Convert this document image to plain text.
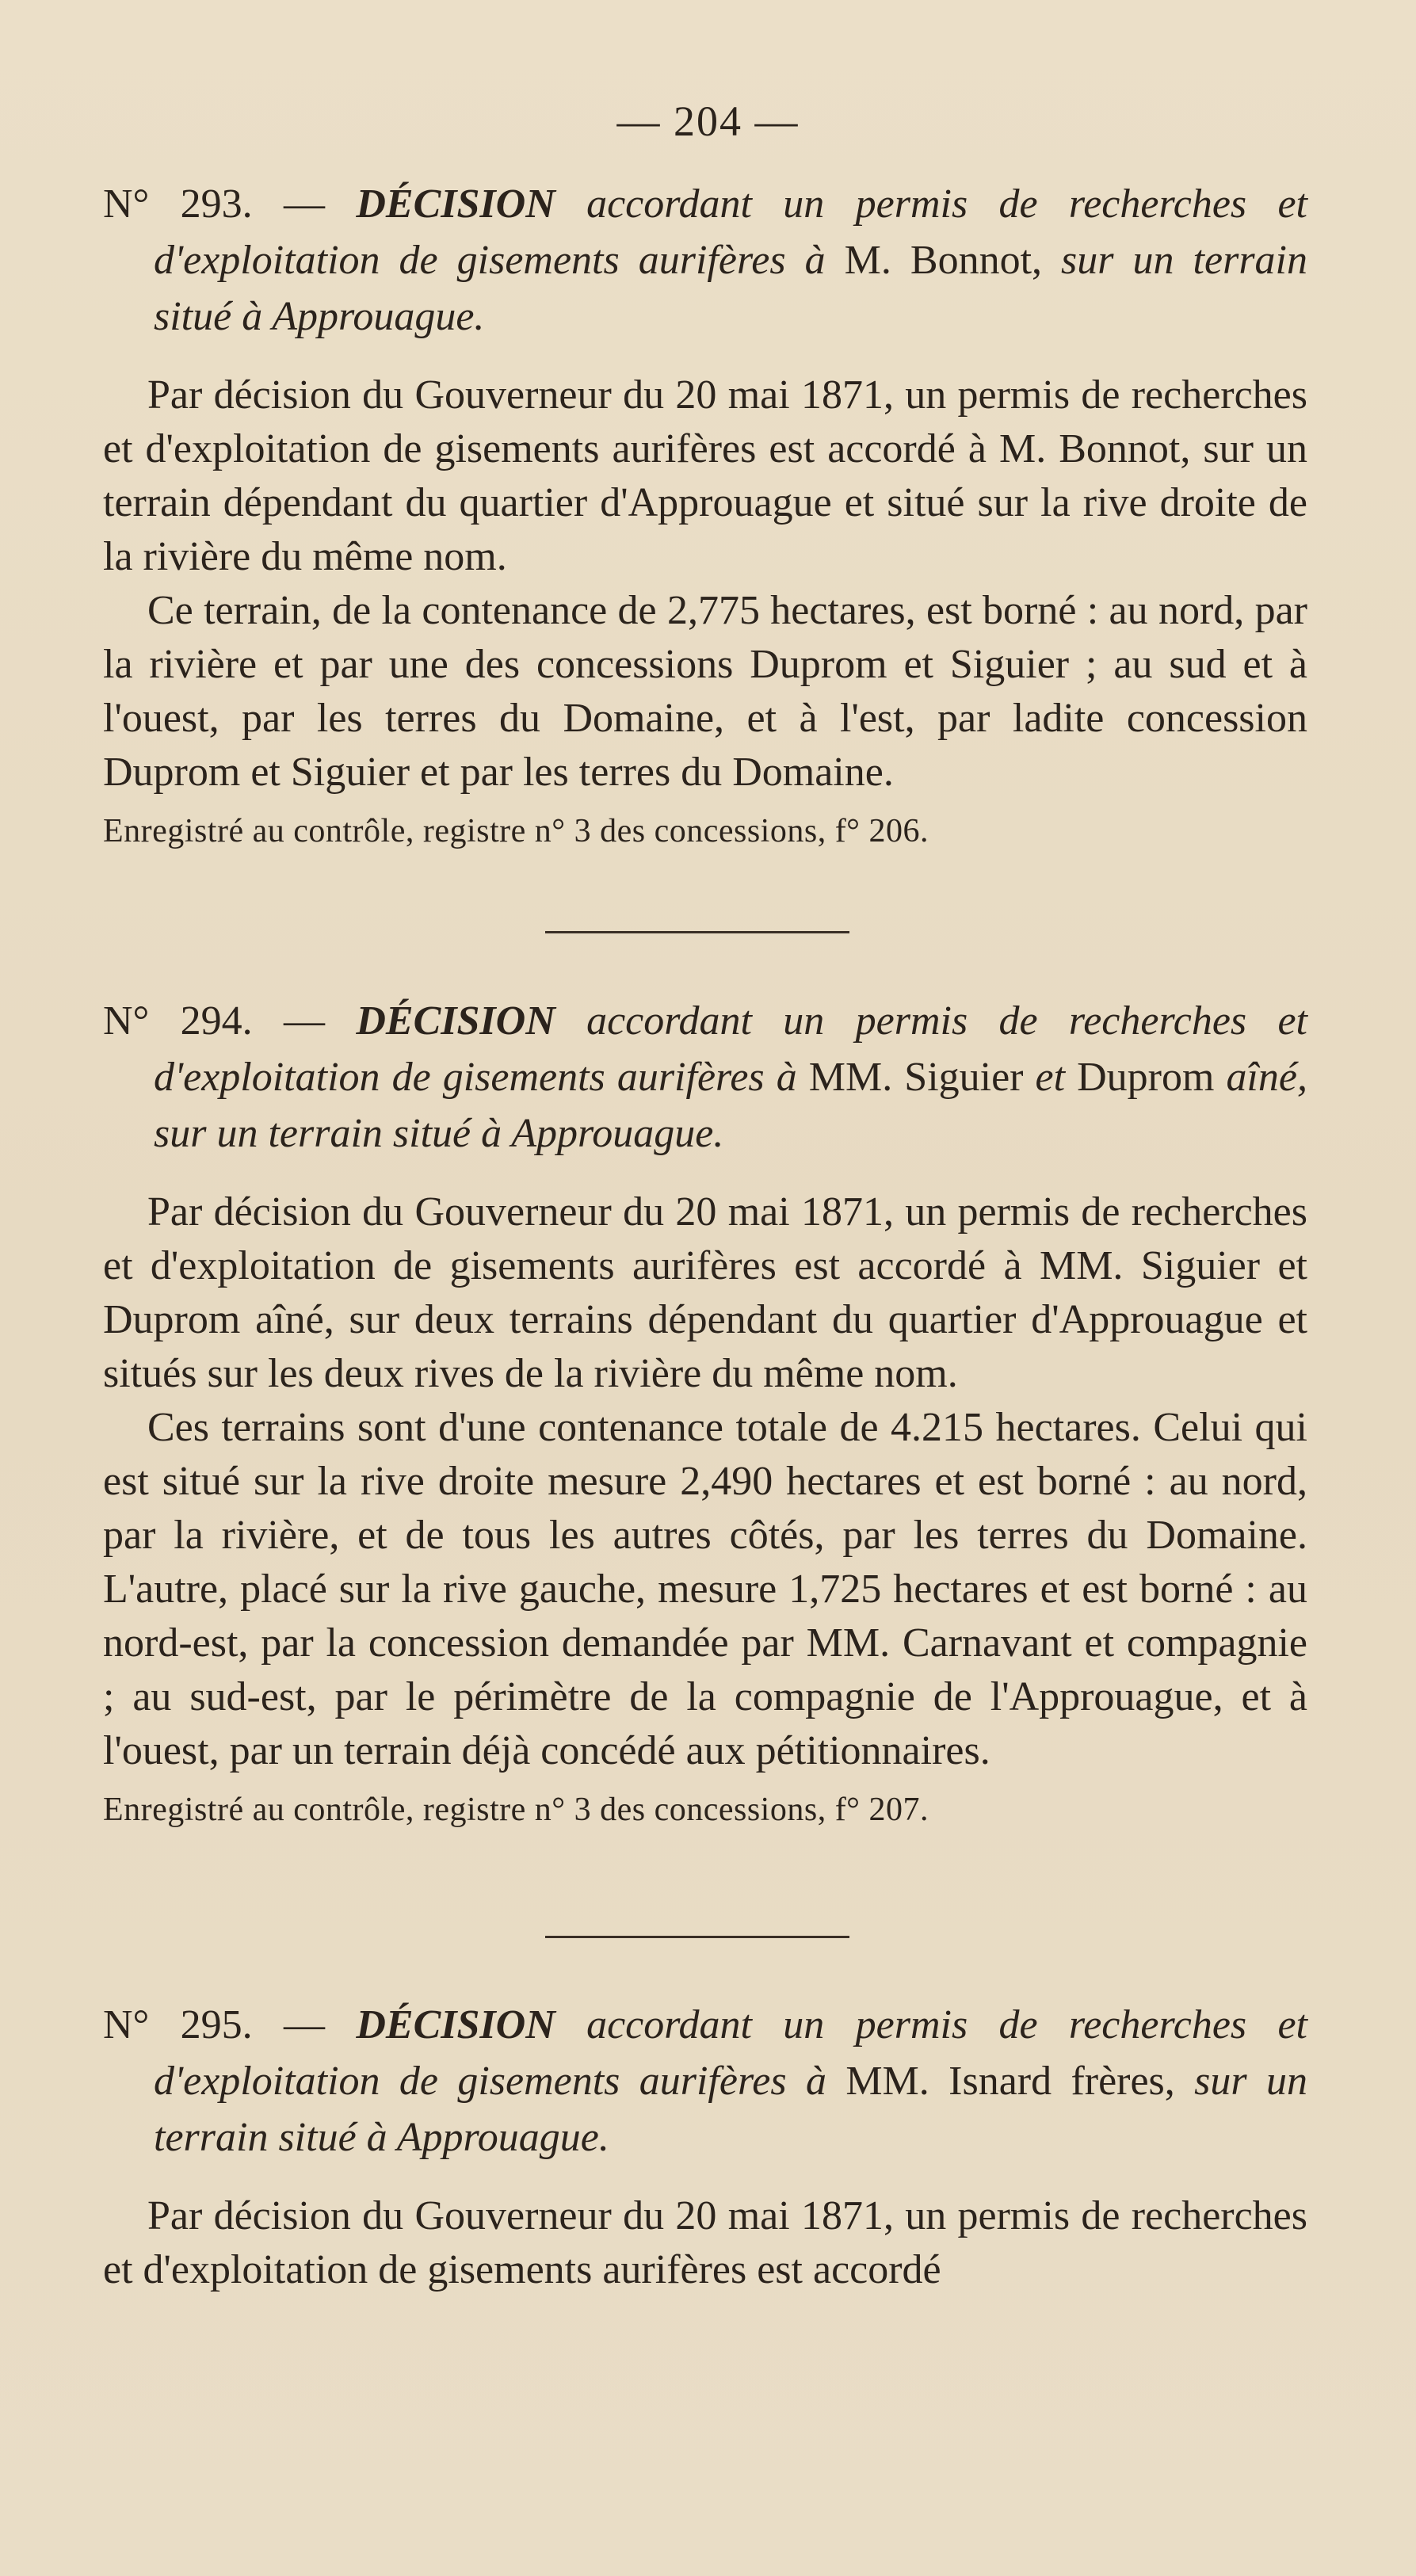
— 204 —

N° 293. — DÉCISION accordant un permis de recherches et d'exploitation de gisements aurifères à M. Bonnot, sur un terrain situé à Approuague.

Par décision du Gouverneur du 20 mai 1871, un permis de recherches et d'exploitation de gisements aurifères est accordé à M. Bonnot, sur un terrain dépendant du quartier d'Approuague et situé sur la rive droite de la rivière du même nom.

Ce terrain, de la contenance de 2,775 hectares, est borné : au nord, par la rivière et par une des concessions Duprom et Siguier ; au sud et à l'ouest, par les terres du Domaine, et à l'est, par ladite concession Duprom et Siguier et par les terres du Domaine.

Enregistré au contrôle, registre n° 3 des concessions, f° 206.

N° 294. — DÉCISION accordant un permis de recherches et d'exploitation de gisements aurifères à MM. Siguier et Duprom aîné, sur un terrain situé à Approuague.

Par décision du Gouverneur du 20 mai 1871, un permis de recherches et d'exploitation de gisements aurifères est accordé à MM. Siguier et Duprom aîné, sur deux terrains dépendant du quartier d'Approuague et situés sur les deux rives de la rivière du même nom.

Ces terrains sont d'une contenance totale de 4.215 hectares. Celui qui est situé sur la rive droite mesure 2,490 hectares et est borné : au nord, par la rivière, et de tous les autres côtés, par les terres du Domaine. L'autre, placé sur la rive gauche, mesure 1,725 hectares et est borné : au nord-est, par la concession demandée par MM. Carnavant et compagnie ; au sud-est, par le périmètre de la compagnie de l'Approuague, et à l'ouest, par un terrain déjà concédé aux pétitionnaires.

Enregistré au contrôle, registre n° 3 des concessions, f° 207.

N° 295. — DÉCISION accordant un permis de recherches et d'exploitation de gisements aurifères à MM. Isnard frères, sur un terrain situé à Approuague.

Par décision du Gouverneur du 20 mai 1871, un permis de recherches et d'exploitation de gisements aurifères est accordé
